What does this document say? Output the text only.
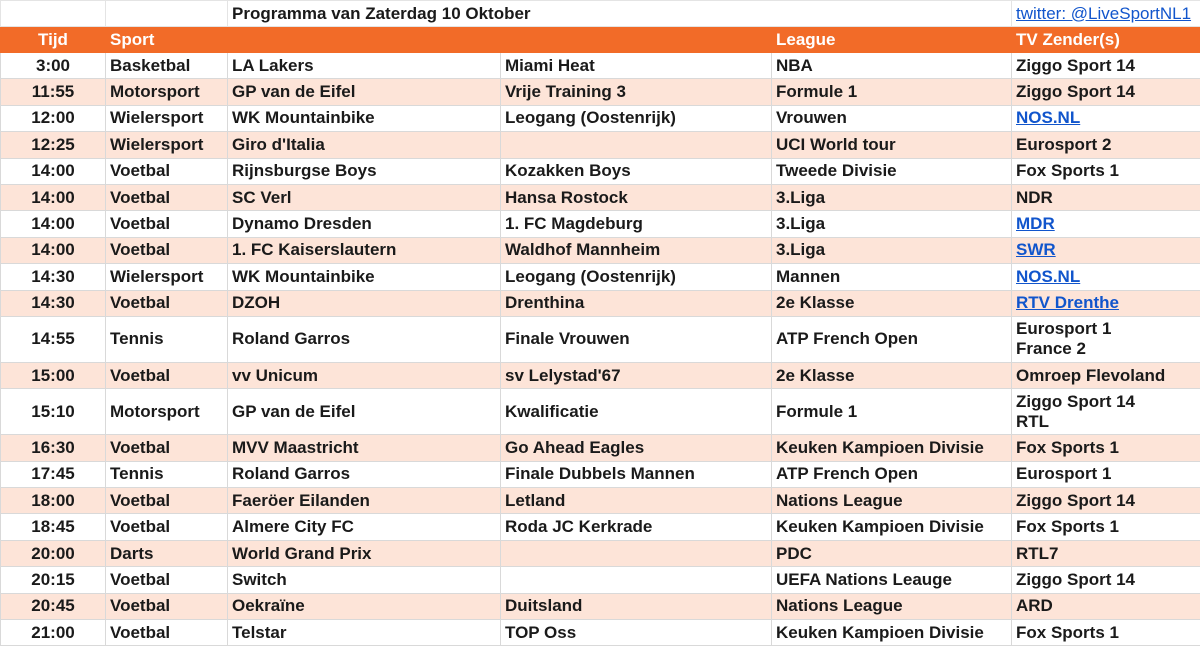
		Programma van Zaterdag 10 Oktober			twitter: @LiveSportNL1
Tijd	Sport			League	TV Zender(s)
3:00	Basketbal	LA Lakers	Miami Heat	NBA	Ziggo Sport 14
11:55	Motorsport	GP van de Eifel	Vrije Training 3	Formule 1	Ziggo Sport 14
12:00	Wielersport	WK Mountainbike	Leogang (Oostenrijk)	Vrouwen	NOS.NL
12:25	Wielersport	Giro d'Italia		UCI World tour	Eurosport 2
14:00	Voetbal	Rijnsburgse Boys	Kozakken Boys	Tweede Divisie	Fox Sports 1
14:00	Voetbal	SC Verl	Hansa Rostock	3.Liga	NDR
14:00	Voetbal	Dynamo Dresden	1. FC Magdeburg	3.Liga	MDR
14:00	Voetbal	1. FC Kaiserslautern	Waldhof Mannheim	3.Liga	SWR
14:30	Wielersport	WK Mountainbike	Leogang (Oostenrijk)	Mannen	NOS.NL
14:30	Voetbal	DZOH	Drenthina	2e Klasse	RTV Drenthe
14:55	Tennis	Roland Garros	Finale Vrouwen	ATP French Open	Eurosport 1
France 2

15:00	Voetbal	vv Unicum	sv Lelystad'67	2e Klasse	Omroep Flevoland
15:10	Motorsport	GP van de Eifel	Kwalificatie	Formule 1	Ziggo Sport 14
RTL

16:30	Voetbal	MVV Maastricht	Go Ahead Eagles	Keuken Kampioen Divisie	Fox Sports 1
17:45	Tennis	Roland Garros	Finale Dubbels Mannen	ATP French Open	Eurosport 1
18:00	Voetbal	Faeröer Eilanden	Letland	Nations League	Ziggo Sport 14
18:45	Voetbal	Almere City FC	Roda JC Kerkrade	Keuken Kampioen Divisie	Fox Sports 1
20:00	Darts	World Grand Prix		PDC	RTL7
20:15	Voetbal	Switch		UEFA Nations Leauge	Ziggo Sport 14
20:45	Voetbal	Oekraïne	Duitsland	Nations League	ARD
21:00	Voetbal	Telstar	TOP Oss	Keuken Kampioen Divisie	Fox Sports 1
